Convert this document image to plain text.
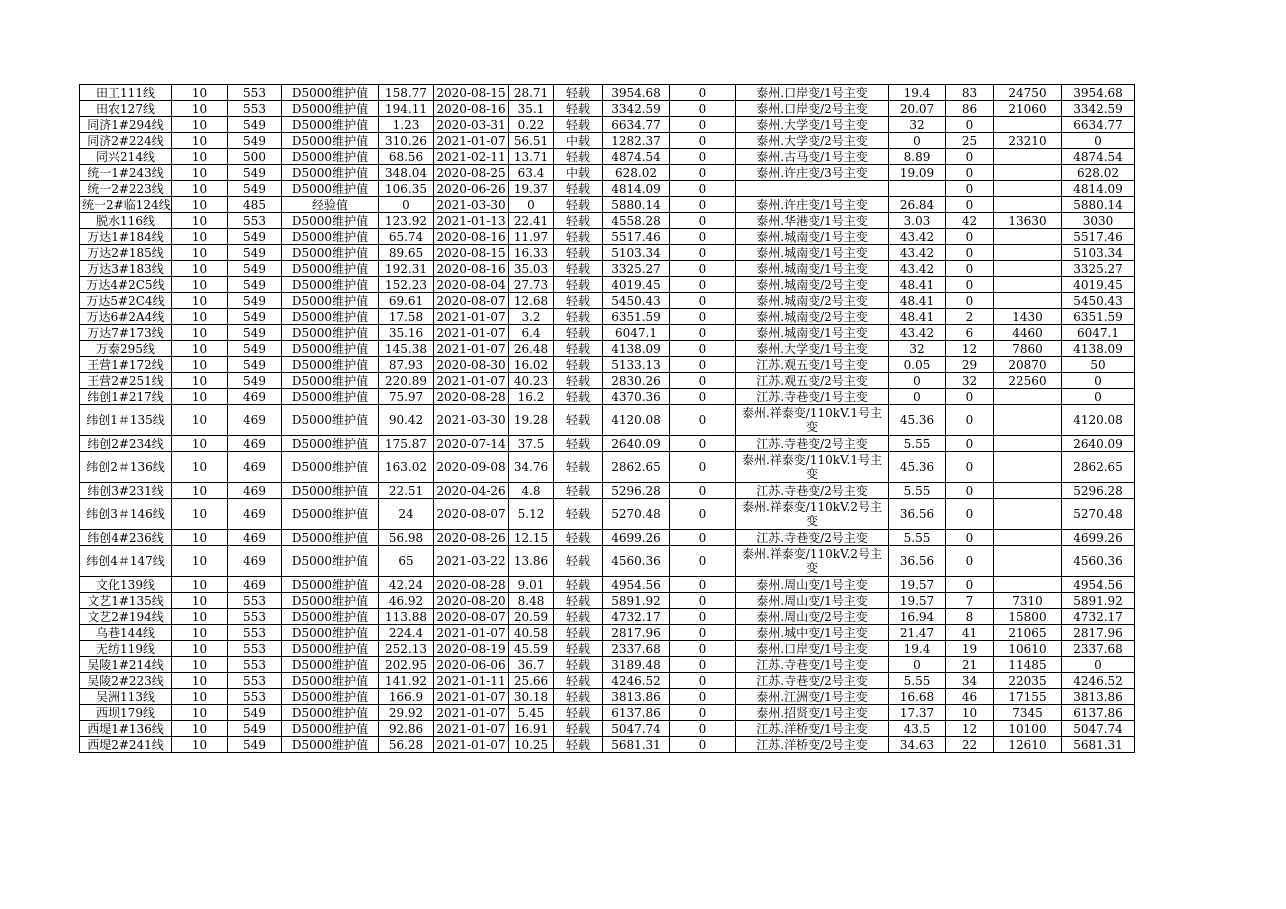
田工111线	10	553	D5000维护值	158.77	2020-08-15	28.71	轻载	3954.68	0	泰州.口岸变/1号主变	19.4	83	24750	3954.68
田农127线	10	553	D5000维护值	194.11	2020-08-16	35.1	轻载	3342.59	0	泰州.口岸变/2号主变	20.07	86	21060	3342.59
同济1#294线	10	549	D5000维护值	1.23	2020-03-31	0.22	轻载	6634.77	0	泰州.大学变/1号主变	32	0		6634.77
同济2#224线	10	549	D5000维护值	310.26	2021-01-07	56.51	中载	1282.37	0	泰州.大学变/2号主变	0	25	23210	0
同兴214线	10	500	D5000维护值	68.56	2021-02-11	13.71	轻载	4874.54	0	泰州.古马变/1号主变	8.89	0		4874.54
统一1#243线	10	549	D5000维护值	348.04	2020-08-25	63.4	中载	628.02	0	泰州.许庄变/3号主变	19.09	0		628.02
统一2#223线	10	549	D5000维护值	106.35	2020-06-26	19.37	轻载	4814.09	0			0		4814.09
统一2#临124线	10	485	经验值	0	2021-03-30	0	轻载	5880.14	0	泰州.许庄变/1号主变	26.84	0		5880.14
脱水116线	10	553	D5000维护值	123.92	2021-01-13	22.41	轻载	4558.28	0	泰州.华港变/1号主变	3.03	42	13630	3030
万达1#184线	10	549	D5000维护值	65.74	2020-08-16	11.97	轻载	5517.46	0	泰州.城南变/1号主变	43.42	0		5517.46
万达2#185线	10	549	D5000维护值	89.65	2020-08-15	16.33	轻载	5103.34	0	泰州.城南变/1号主变	43.42	0		5103.34
万达3#183线	10	549	D5000维护值	192.31	2020-08-16	35.03	轻载	3325.27	0	泰州.城南变/1号主变	43.42	0		3325.27
万达4#2C5线	10	549	D5000维护值	152.23	2020-08-04	27.73	轻载	4019.45	0	泰州.城南变/2号主变	48.41	0		4019.45
万达5#2C4线	10	549	D5000维护值	69.61	2020-08-07	12.68	轻载	5450.43	0	泰州.城南变/2号主变	48.41	0		5450.43
万达6#2A4线	10	549	D5000维护值	17.58	2021-01-07	3.2	轻载	6351.59	0	泰州.城南变/2号主变	48.41	2	1430	6351.59
万达7#173线	10	549	D5000维护值	35.16	2021-01-07	6.4	轻载	6047.1	0	泰州.城南变/1号主变	43.42	6	4460	6047.1
万泰295线	10	549	D5000维护值	145.38	2021-01-07	26.48	轻载	4138.09	0	泰州.大学变/1号主变	32	12	7860	4138.09
王营1#172线	10	549	D5000维护值	87.93	2020-08-30	16.02	轻载	5133.13	0	江苏.观五变/1号主变	0.05	29	20870	50
王营2#251线	10	549	D5000维护值	220.89	2021-01-07	40.23	轻载	2830.26	0	江苏.观五变/2号主变	0	32	22560	0
纬创1#217线	10	469	D5000维护值	75.97	2020-08-28	16.2	轻载	4370.36	0	江苏.寺巷变/1号主变	0	0		0
纬创1＃135线	10	469	D5000维护值	90.42	2021-03-30	19.28	轻载	4120.08	0	泰州.祥泰变/110kV.1号主变	45.36	0		4120.08
纬创2#234线	10	469	D5000维护值	175.87	2020-07-14	37.5	轻载	2640.09	0	江苏.寺巷变/2号主变	5.55	0		2640.09
纬创2＃136线	10	469	D5000维护值	163.02	2020-09-08	34.76	轻载	2862.65	0	泰州.祥泰变/110kV.1号主变	45.36	0		2862.65
纬创3#231线	10	469	D5000维护值	22.51	2020-04-26	4.8	轻载	5296.28	0	江苏.寺巷变/2号主变	5.55	0		5296.28
纬创3＃146线	10	469	D5000维护值	24	2020-08-07	5.12	轻载	5270.48	0	泰州.祥泰变/110kV.2号主变	36.56	0		5270.48
纬创4#236线	10	469	D5000维护值	56.98	2020-08-26	12.15	轻载	4699.26	0	江苏.寺巷变/2号主变	5.55	0		4699.26
纬创4＃147线	10	469	D5000维护值	65	2021-03-22	13.86	轻载	4560.36	0	泰州.祥泰变/110kV.2号主变	36.56	0		4560.36
文化139线	10	469	D5000维护值	42.24	2020-08-28	9.01	轻载	4954.56	0	泰州.周山变/1号主变	19.57	0		4954.56
文艺1#135线	10	553	D5000维护值	46.92	2020-08-20	8.48	轻载	5891.92	0	泰州.周山变/1号主变	19.57	7	7310	5891.92
文艺2#194线	10	553	D5000维护值	113.88	2020-08-07	20.59	轻载	4732.17	0	泰州.周山变/2号主变	16.94	8	15800	4732.17
乌巷144线	10	553	D5000维护值	224.4	2021-01-07	40.58	轻载	2817.96	0	泰州.城中变/1号主变	21.47	41	21065	2817.96
无纺119线	10	553	D5000维护值	252.13	2020-08-19	45.59	轻载	2337.68	0	泰州.口岸变/1号主变	19.4	19	10610	2337.68
吴陵1#214线	10	553	D5000维护值	202.95	2020-06-06	36.7	轻载	3189.48	0	江苏.寺巷变/1号主变	0	21	11485	0
吴陵2#223线	10	553	D5000维护值	141.92	2021-01-11	25.66	轻载	4246.52	0	江苏.寺巷变/2号主变	5.55	34	22035	4246.52
吴洲113线	10	553	D5000维护值	166.9	2021-01-07	30.18	轻载	3813.86	0	泰州.江洲变/1号主变	16.68	46	17155	3813.86
西坝179线	10	549	D5000维护值	29.92	2021-01-07	5.45	轻载	6137.86	0	泰州.招贤变/1号主变	17.37	10	7345	6137.86
西堤1#136线	10	549	D5000维护值	92.86	2021-01-07	16.91	轻载	5047.74	0	江苏.洋桥变/1号主变	43.5	12	10100	5047.74
西堤2#241线	10	549	D5000维护值	56.28	2021-01-07	10.25	轻载	5681.31	0	江苏.洋桥变/2号主变	34.63	22	12610	5681.31
